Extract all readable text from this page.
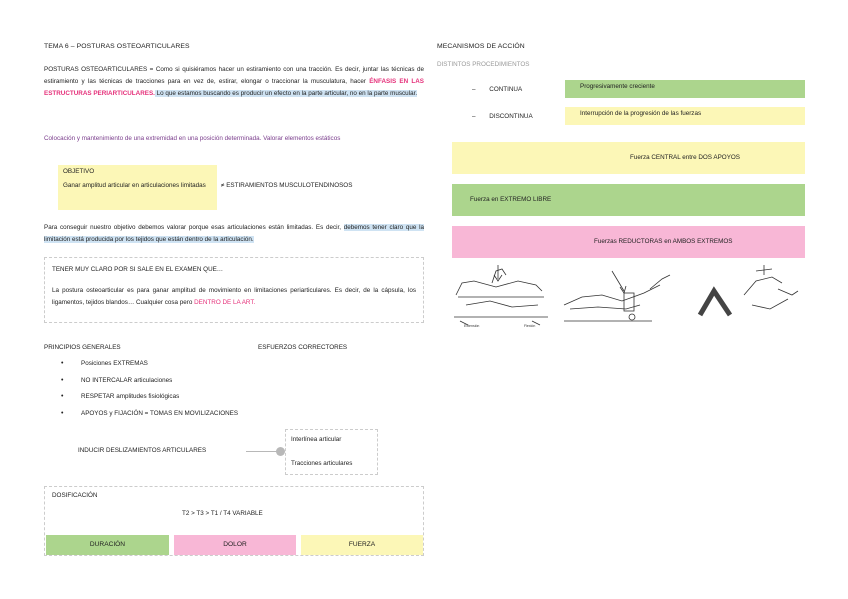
TEMA 6 – POSTURAS OSTEOARTICULARES

POSTURAS OSTEOARTICULARES = Como si quisiéramos hacer un estiramiento con una tracción. Es decir, juntar las técnicas de estiramiento y las técnicas de tracciones para en vez de, estirar, elongar o traccionar la musculatura, hacer ÉNFASIS EN LAS ESTRUCTURAS PERIARTICULARES. Lo que estamos buscando es producir un efecto en la parte articular, no en la parte muscular.

Colocación y mantenimiento de una extremidad en una posición determinada. Valorar elementos estáticos

OBJETIVO
Ganar amplitud articular en articulaciones limitadas	≠ ESTIRAMIENTOS MUSCULOTENDINOSOS

Para conseguir nuestro objetivo debemos valorar porque esas articulaciones están limitadas. Es decir, debemos tener claro que la limitación está producida por los tejidos que están dentro de la articulación.

TENER MUY CLARO POR SI SALE EN EL EXAMEN QUE…

La postura osteoarticular es para ganar amplitud de movimiento en limitaciones periarticulares. Es decir, de la cápsula, los ligamentos, tejidos blandos… Cualquier cosa pero DENTRO DE LA ART.

PRINCIPIOS GENERALES
• Posiciones EXTREMAS
• NO INTERCALAR articulaciones
• RESPETAR amplitudes fisiológicas
• APOYOS y FIJACIÓN = TOMAS EN MOVILIZACIONES
ESFUERZOS CORRECTORES
INDUCIR DESLIZAMIENTOS ARTICULARES
Interlínea articular
Tracciones articulares
DOSIFICACIÓN
T2 > T3 > T1 / T4 VARIABLE
DURACIÓN	DOLOR	FUERZA
MECANISMOS DE ACCIÓN
DISTINTOS PROCEDIMIENTOS
– CONTINUA	Progresivamente creciente
– DISCONTINUA	Interrupción de la progresión de las fuerzas
Fuerza CENTRAL entre DOS APOYOS
Fuerza en EXTREMO LIBRE
Fuerzas REDUCTORAS en AMBOS EXTREMOS
Extensión	Flexión
